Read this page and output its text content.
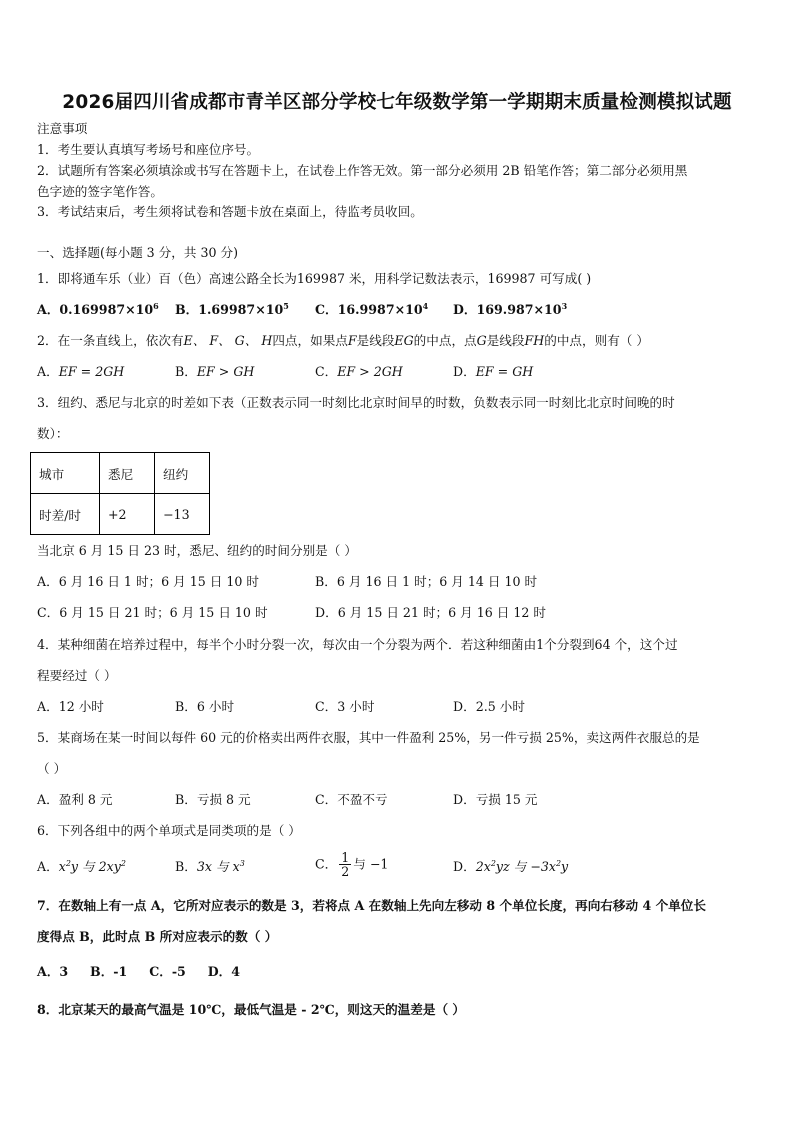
2026届四川省成都市青羊区部分学校七年级数学第一学期期末质量检测模拟试题
注意事项
1．考生要认真填写考场号和座位序号。
2．试题所有答案必须填涂或书写在答题卡上，在试卷上作答无效。第一部分必须用 2B 铅笔作答；第二部分必须用黑
色字迹的签字笔作答。
3．考试结束后，考生须将试卷和答题卡放在桌面上，待监考员收回。
一、选择题(每小题 3 分，共 30 分)
1．即将通车乐（业）百（色）高速公路全长为169987 米，用科学记数法表示，169987 可写成( )
A．$0.169987\times 10^6$ B．$1.69987\times 10^5$ C．$16.9987\times 10^4$ D．$169.987\times 10^3$
2．在一条直线上，依次有E、 F、 G、 H四点，如果点F是线段EG的中点，点G是线段FH的中点，则有（ ）
A．EF = 2GH	B．EF > GH	C．EF > 2GH	D．EF = GH
3．纽约、悉尼与北京的时差如下表（正数表示同一时刻比北京时间早的时数，负数表示同一时刻比北京时间晚的时
数）：
城市	悉尼	纽约
时差/时	+2	−13
当北京 6 月 15 日 23 时，悉尼、纽约的时间分别是（ ）
A．6 月 16 日 1 时；6 月 15 日 10 时	B．6 月 16 日 1 时；6 月 14 日 10 时
C．6 月 15 日 21 时；6 月 15 日 10 时	D．6 月 15 日 21 时；6 月 16 日 12 时
4．某种细菌在培养过程中，每半个小时分裂一次，每次由一个分裂为两个．若这种细菌由1个分裂到64 个，这个过
程要经过（ ）
A．12 小时	B．6 小时	C．3 小时	D．2.5 小时
5．某商场在某一时间以每件 60 元的价格卖出两件衣服，其中一件盈利 25%，另一件亏损 25%，卖这两件衣服总的是
（ ）
A．盈利 8 元	B．亏损 8 元	C．不盈不亏	D．亏损 15 元
6．下列各组中的两个单项式是同类项的是（ ）
A．$x^2y$ 与 $2xy^2$	B．3x 与 $x^3$	C． $\frac{1}{2}$ 与 −1	D．$2x^2yz$ 与 $-3x^2y$
7．在数轴上有一点 A，它所对应表示的数是 3，若将点 A 在数轴上先向左移动 8 个单位长度，再向右移动 4 个单位长
度得点 B，此时点 B 所对应表示的数（ ）
A．3     B．-1     C．-5     D．4
8．北京某天的最高气温是 10℃，最低气温是 - 2℃，则这天的温差是（ ）
